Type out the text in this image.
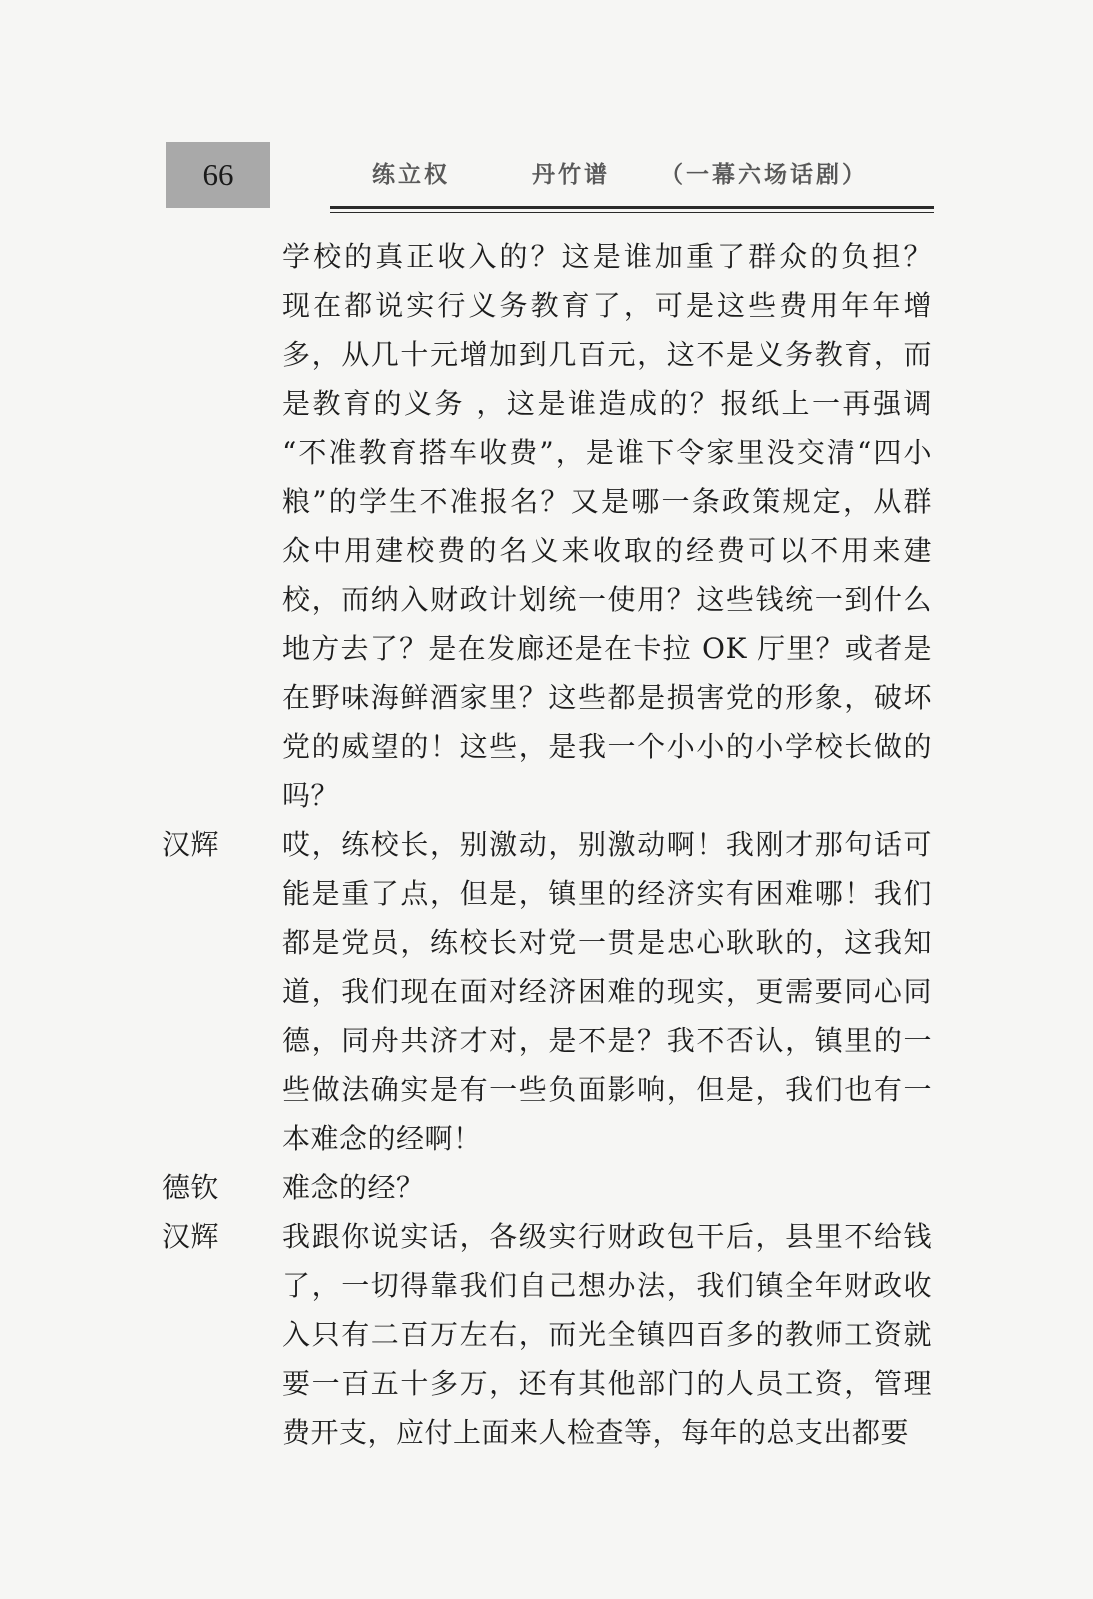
66	练立权	丹竹谱 （一幕六场话剧）
学校的真正收入的？这是谁加重了群众的负担？
现在都说实行义务教育了，可是这些费用年年增
多，从几十元增加到几百元，这不是义务教育，而
是教育的义务 ，这是谁造成的？报纸上一再强调
“不准教育搭车收费”，是谁下令家里没交清“四小
粮”的学生不准报名？又是哪一条政策规定，从群
众中用建校费的名义来收取的经费可以不用来建
校，而纳入财政计划统一使用？这些钱统一到什么
地方去了？是在发廊还是在卡拉 OK 厅里？或者是
在野味海鲜酒家里？这些都是损害党的形象，破坏
党的威望的！这些，是我一个小小的小学校长做的
吗？
汉辉	哎，练校长，别激动，别激动啊！我刚才那句话可
能是重了点，但是，镇里的经济实有困难哪！我们
都是党员，练校长对党一贯是忠心耿耿的，这我知
道，我们现在面对经济困难的现实，更需要同心同
德，同舟共济才对，是不是？我不否认，镇里的一
些做法确实是有一些负面影响，但是，我们也有一
本难念的经啊！
德钦	难念的经？
汉辉	我跟你说实话，各级实行财政包干后，县里不给钱
了，一切得靠我们自己想办法，我们镇全年财政收
入只有二百万左右，而光全镇四百多的教师工资就
要一百五十多万，还有其他部门的人员工资，管理
费开支，应付上面来人检查等，每年的总支出都要
